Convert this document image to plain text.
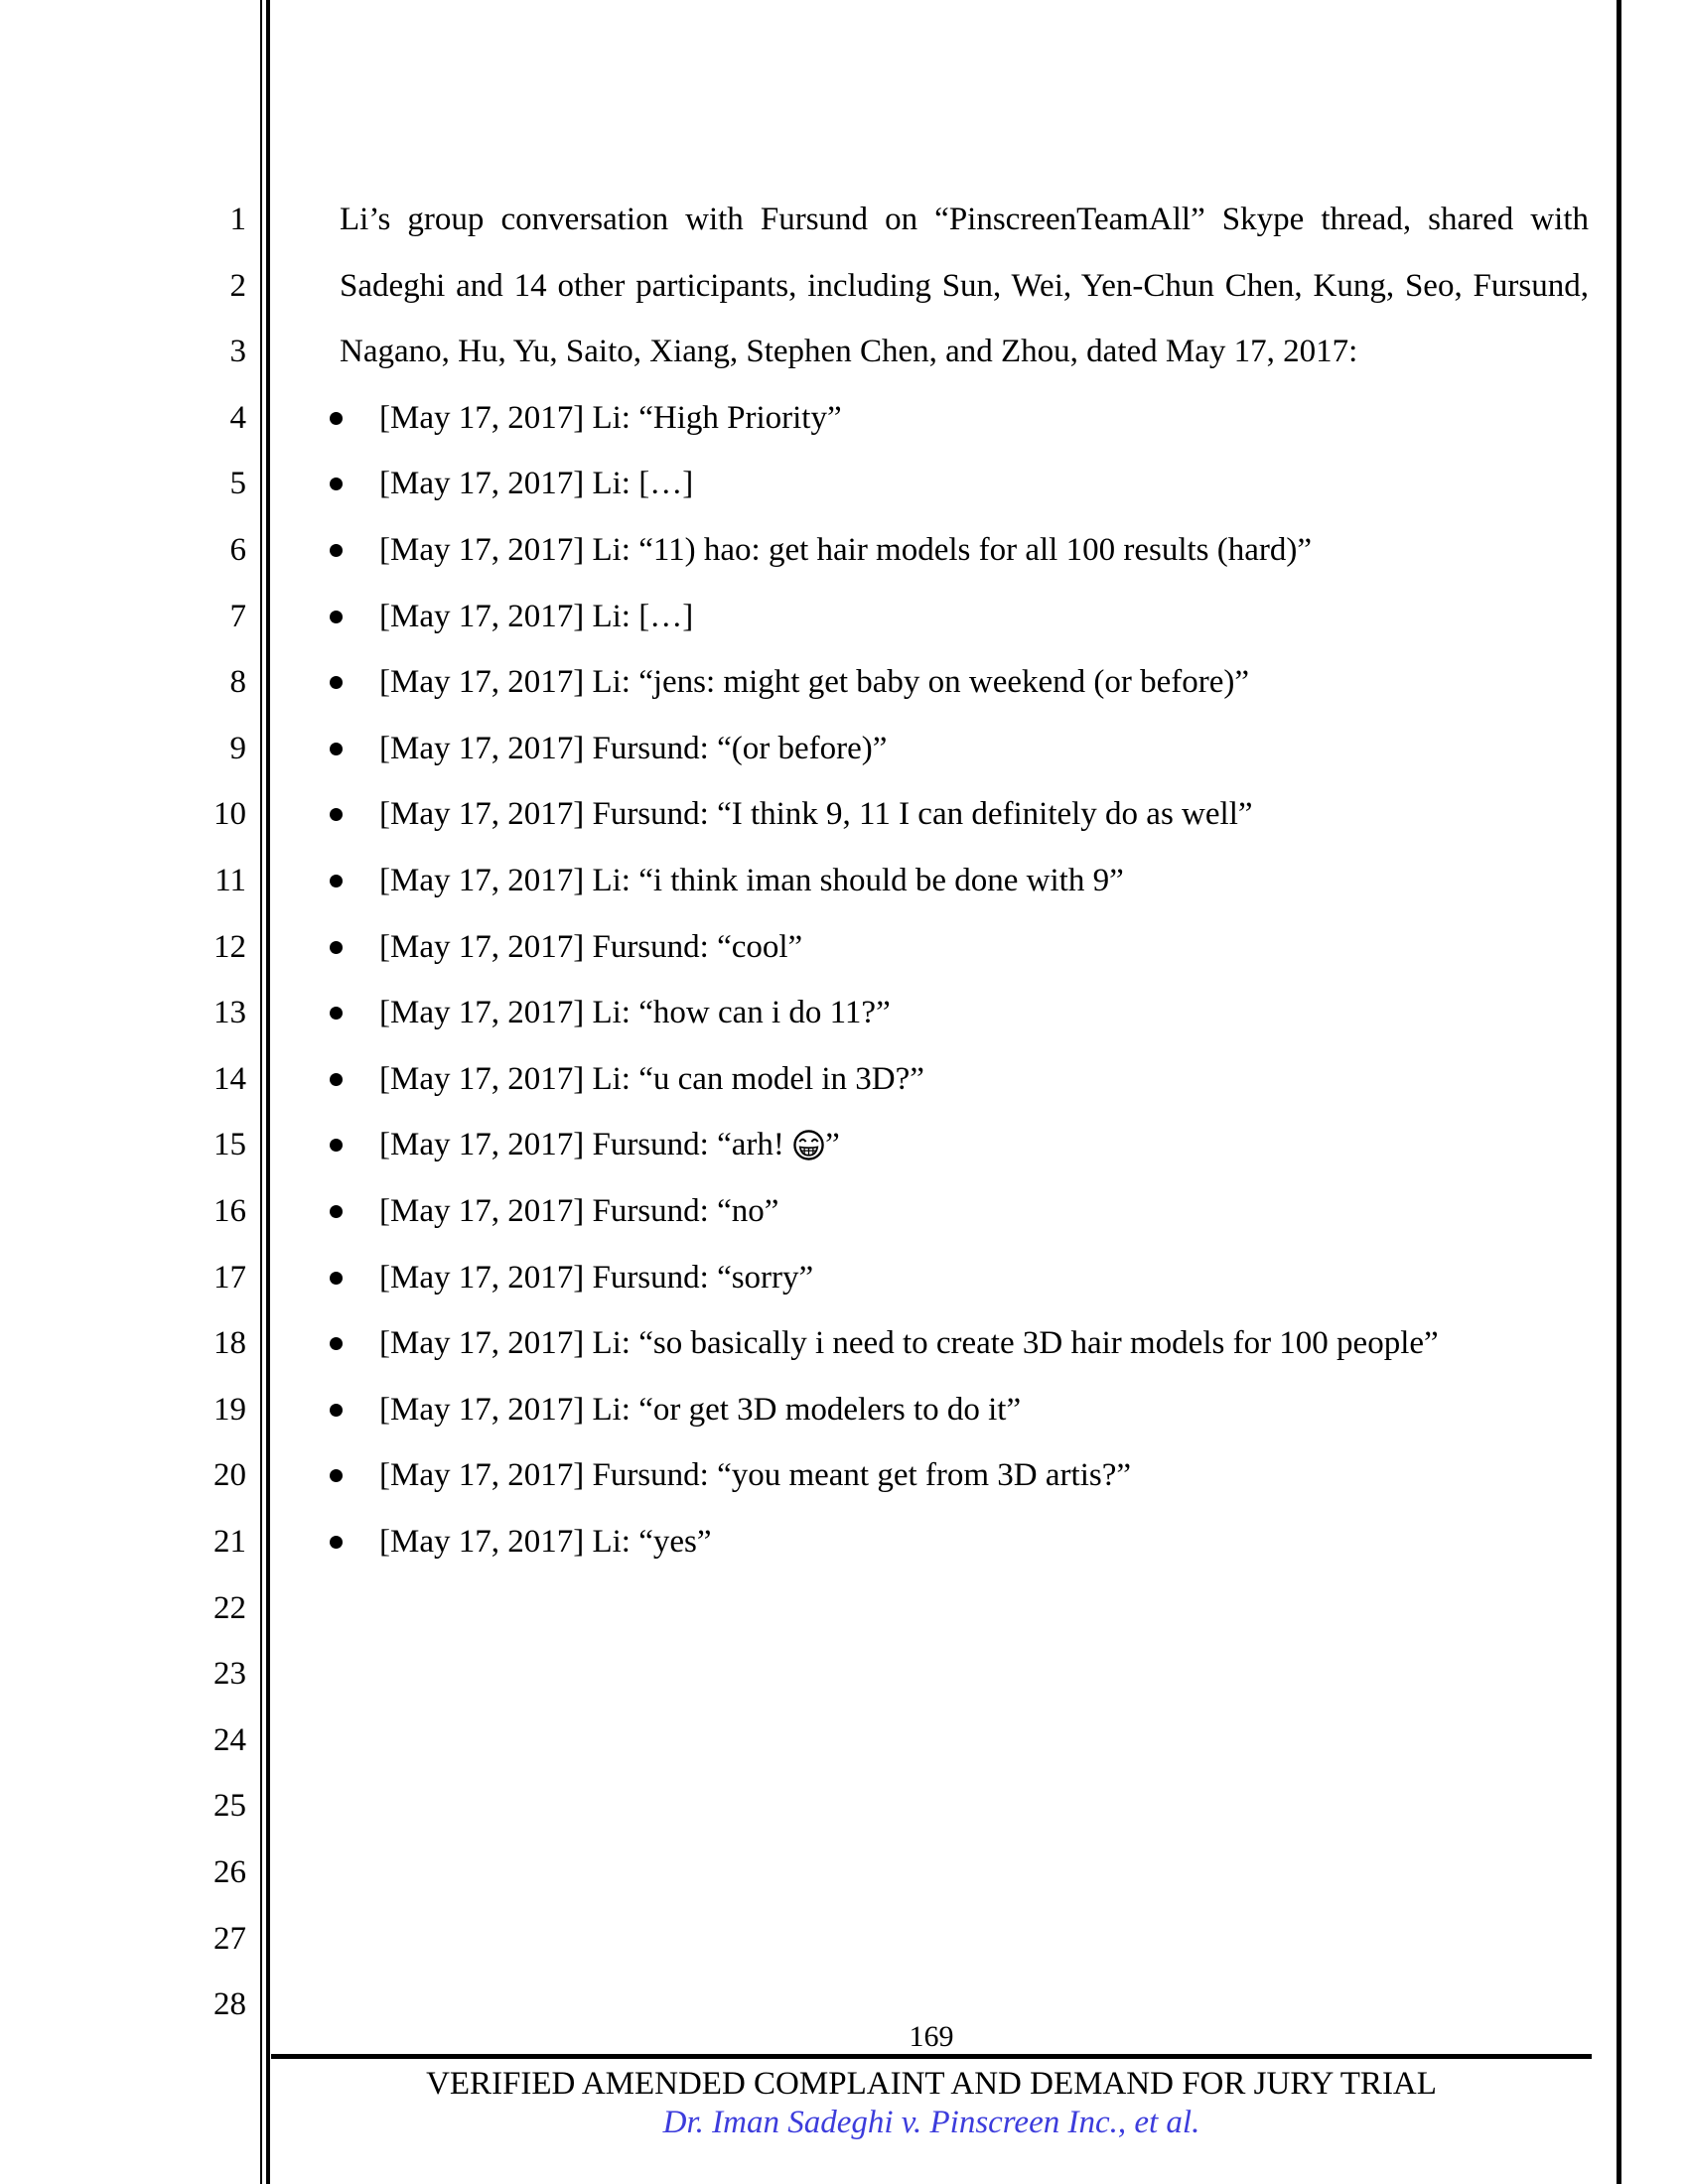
1
2
3
4
5
6
7
8
9
10
11
12
13
14
15
16
17
18
19
20
21
22
23
24
25
26
27
28
Li’s group conversation with Fursund on “PinscreenTeamAll” Skype thread, shared with
Sadeghi and 14 other participants, including Sun, Wei, Yen-Chun Chen, Kung, Seo, Fursund,
Nagano, Hu, Yu, Saito, Xiang, Stephen Chen, and Zhou, dated May 17, 2017:
[May 17, 2017] Li: “High Priority”
[May 17, 2017] Li: […]
[May 17, 2017] Li: “11) hao: get hair models for all 100 results (hard)”
[May 17, 2017] Li: […]
[May 17, 2017] Li: “jens: might get baby on weekend (or before)”
[May 17, 2017] Fursund: “(or before)”
[May 17, 2017] Fursund: “I think 9, 11 I can definitely do as well”
[May 17, 2017] Li: “i think iman should be done with 9”
[May 17, 2017] Fursund: “cool”
[May 17, 2017] Li: “how can i do 11?”
[May 17, 2017] Li: “u can model in 3D?”
[May 17, 2017] Fursund: “arh! ”
[May 17, 2017] Fursund: “no”
[May 17, 2017] Fursund: “sorry”
[May 17, 2017] Li: “so basically i need to create 3D hair models for 100 people”
[May 17, 2017] Li: “or get 3D modelers to do it”
[May 17, 2017] Fursund: “you meant get from 3D artis?”
[May 17, 2017] Li: “yes”
169
VERIFIED AMENDED COMPLAINT AND DEMAND FOR JURY TRIAL
Dr. Iman Sadeghi v. Pinscreen Inc., et al.
